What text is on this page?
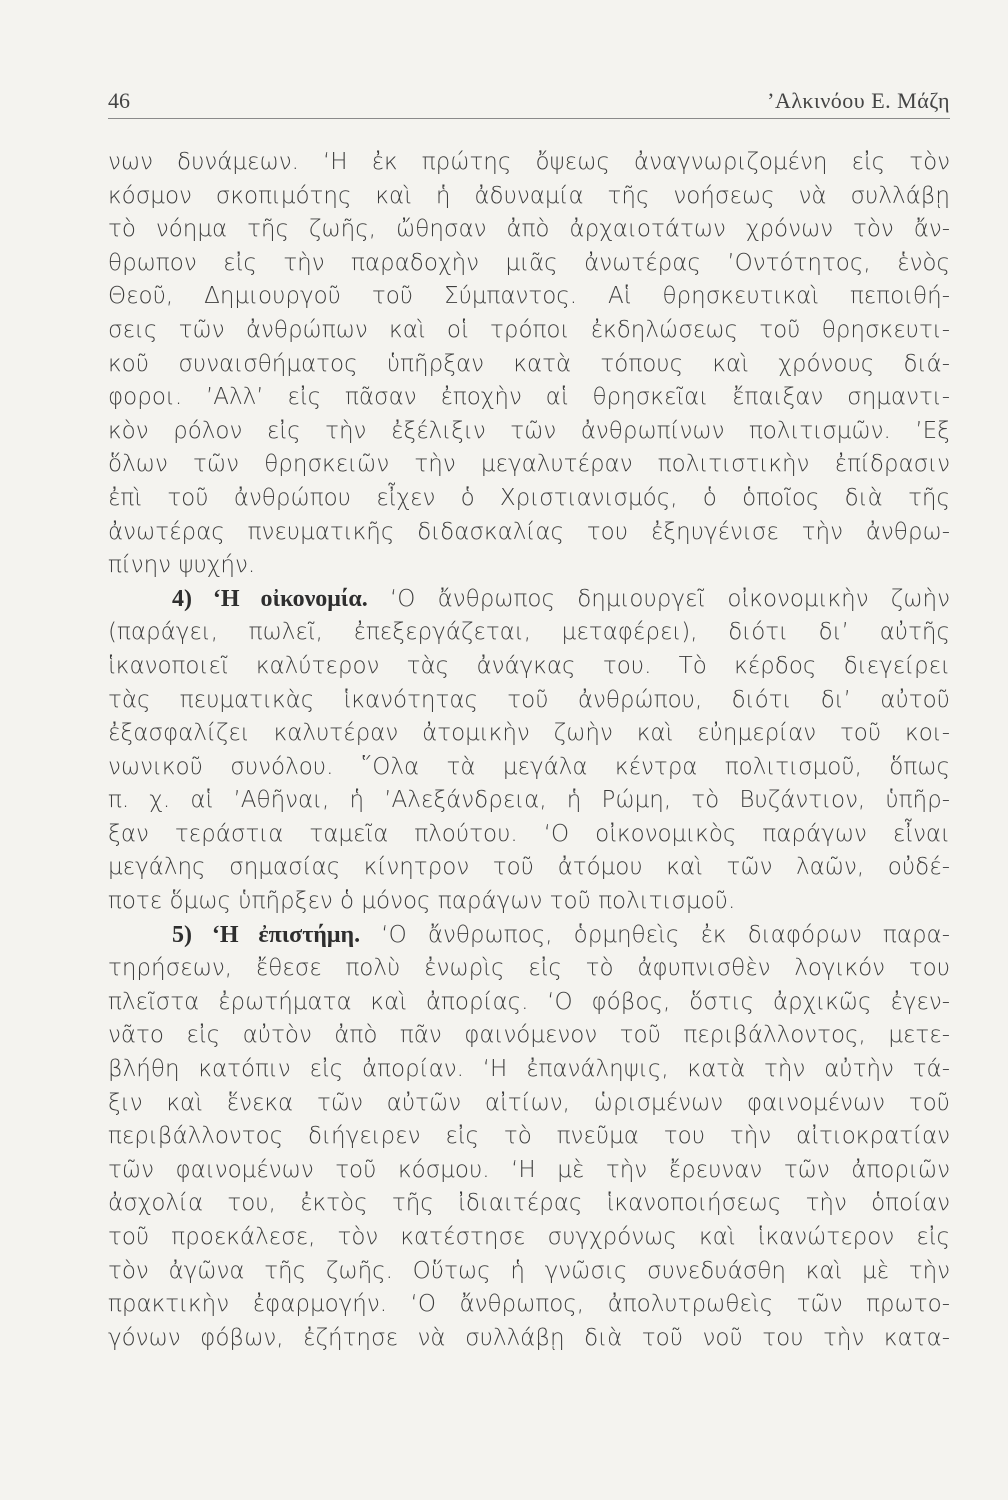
46	’Αλκινόου Ε. Μάζη
νων δυνάμεων. ‘Η ἐκ πρώτης ὄψεως ἀναγνωριζομένη εἰς τὸν
κόσμον σκοπιμότης καὶ ἡ ἀδυναμία τῆς νοήσεως νὰ συλλάβῃ
τὸ νόημα τῆς ζωῆς, ὤθησαν ἀπὸ ἀρχαιοτάτων χρόνων τὸν ἄν-
θρωπον εἰς τὴν παραδοχὴν μιᾶς ἀνωτέρας ’Οντότητος, ἑνὸς
Θεοῦ, Δημιουργοῦ τοῦ Σύμπαντος. Αἱ θρησκευτικαὶ πεποιθή-
σεις τῶν ἀνθρώπων καὶ οἱ τρόποι ἐκδηλώσεως τοῦ θρησκευτι-
κοῦ συναισθήματος ὑπῆρξαν κατὰ τόπους καὶ χρόνους διά-
φοροι. ’Αλλ’ εἰς πᾶσαν ἐποχὴν αἱ θρησκεῖαι ἔπαιξαν σημαντι-
κὸν ρόλον εἰς τὴν ἐξέλιξιν τῶν ἀνθρωπίνων πολιτισμῶν. ’Εξ
ὅλων τῶν θρησκειῶν τὴν μεγαλυτέραν πολιτιστικὴν ἐπίδρασιν
ἐπὶ τοῦ ἀνθρώπου εἶχεν ὁ Χριστιανισμός, ὁ ὁποῖος διὰ τῆς
ἀνωτέρας πνευματικῆς διδασκαλίας του ἐξηυγένισε τὴν ἀνθρω-
πίνην ψυχήν.
4) ‘Η οἰκονομία. ‘Ο ἄνθρωπος δημιουργεῖ οἰκονομικὴν ζωὴν
(παράγει, πωλεῖ, ἐπεξεργάζεται, μεταφέρει), διότι δι’ αὐτῆς
ἱκανοποιεῖ καλύτερον τὰς ἀνάγκας του. Τὸ κέρδος διεγείρει
τὰς πευματικὰς ἱκανότητας τοῦ ἀνθρώπου, διότι δι’ αὐτοῦ
ἐξασφαλίζει καλυτέραν ἀτομικὴν ζωὴν καὶ εὐημερίαν τοῦ κοι-
νωνικοῦ συνόλου. ῞Ολα τὰ μεγάλα κέντρα πολιτισμοῦ, ὅπως
π. χ. αἱ ’Αθῆναι, ἡ ’Αλεξάνδρεια, ἡ Ρώμη, τὸ Βυζάντιον, ὑπῆρ-
ξαν τεράστια ταμεῖα πλούτου. ‘Ο οἰκονομικὸς παράγων εἶναι
μεγάλης σημασίας κίνητρον τοῦ ἀτόμου καὶ τῶν λαῶν, οὐδέ-
ποτε ὅμως ὑπῆρξεν ὁ μόνος παράγων τοῦ πολιτισμοῦ.
5) ‘Η ἐπιστήμη. ‘Ο ἄνθρωπος, ὁρμηθεὶς ἐκ διαφόρων παρα-
τηρήσεων, ἔθεσε πολὺ ἐνωρὶς εἰς τὸ ἀφυπνισθὲν λογικόν του
πλεῖστα ἐρωτήματα καὶ ἀπορίας. ‘Ο φόβος, ὅστις ἀρχικῶς ἐγεν-
νᾶτο εἰς αὐτὸν ἀπὸ πᾶν φαινόμενον τοῦ περιβάλλοντος, μετε-
βλήθη κατόπιν εἰς ἀπορίαν. ‘Η ἐπανάληψις, κατὰ τὴν αὐτὴν τά-
ξιν καὶ ἕνεκα τῶν αὐτῶν αἰτίων, ὡρισμένων φαινομένων τοῦ
περιβάλλοντος διήγειρεν εἰς τὸ πνεῦμα του τὴν αἰτιοκρατίαν
τῶν φαινομένων τοῦ κόσμου. ‘Η μὲ τὴν ἔρευναν τῶν ἀποριῶν
ἀσχολία του, ἐκτὸς τῆς ἰδιαιτέρας ἱκανοποιήσεως τὴν ὁποίαν
τοῦ προεκάλεσε, τὸν κατέστησε συγχρόνως καὶ ἱκανώτερον εἰς
τὸν ἀγῶνα τῆς ζωῆς. Οὕτως ἡ γνῶσις συνεδυάσθη καὶ μὲ τὴν
πρακτικὴν ἐφαρμογήν. ‘Ο ἄνθρωπος, ἀπολυτρωθεὶς τῶν πρωτο-
γόνων φόβων, ἐζήτησε νὰ συλλάβῃ διὰ τοῦ νοῦ του τὴν κατα-
